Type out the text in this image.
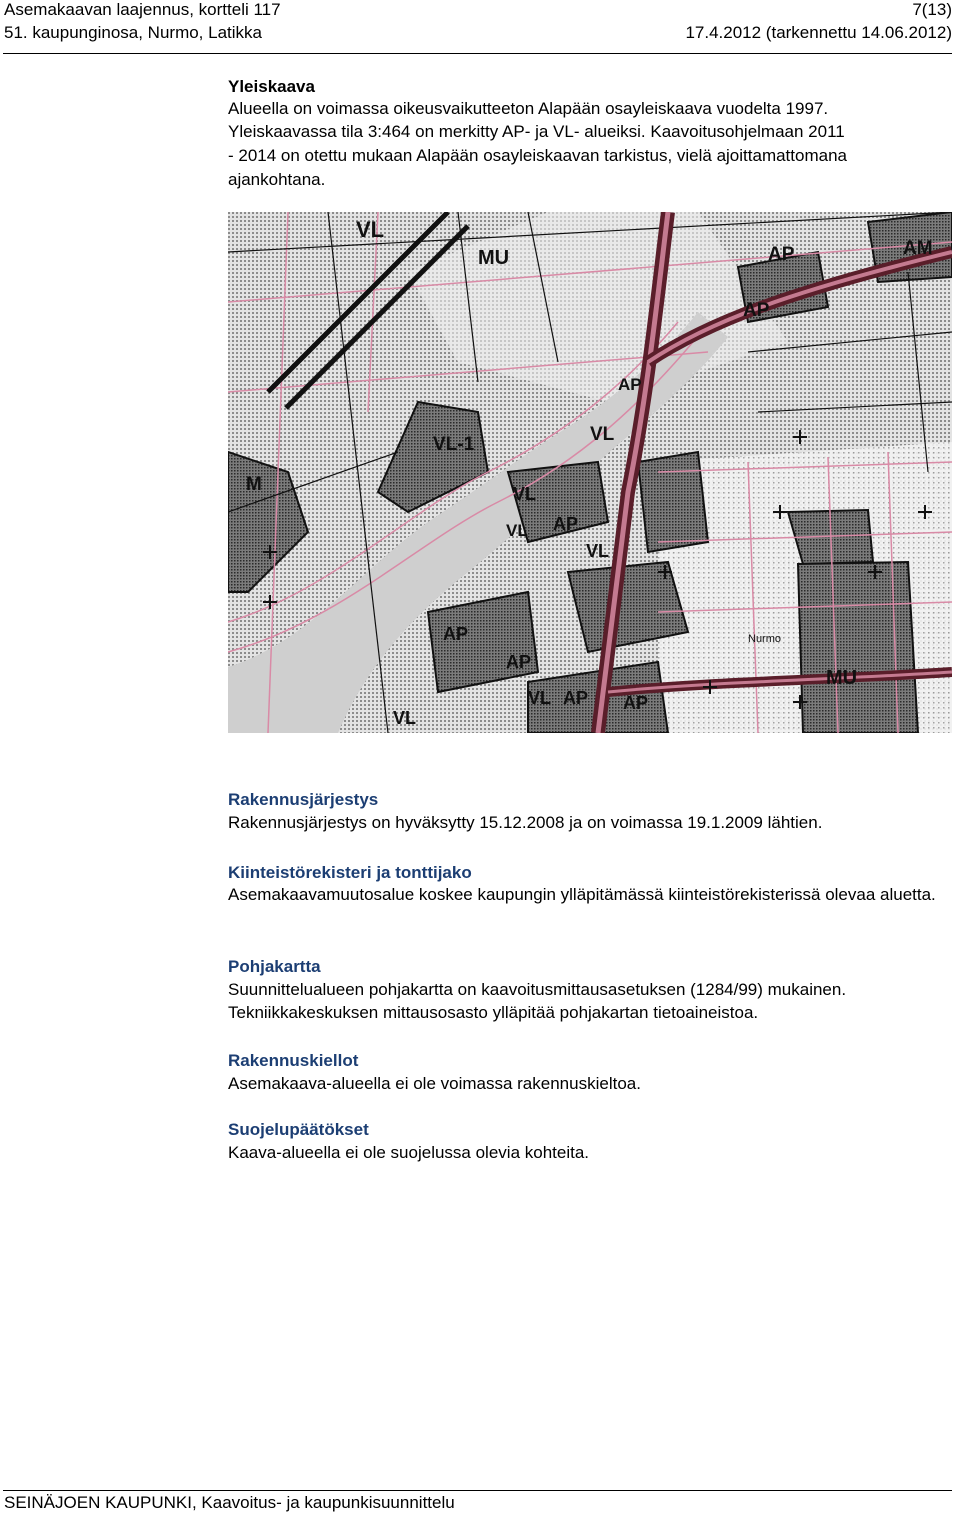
Asemakaavan laajennus, kortteli 117	7(13)
51. kaupunginosa, Nurmo, Latikka	17.4.2012 (tarkennettu 14.06.2012)
Yleiskaava
Alueella on voimassa oikeusvaikutteeton Alapään osayleiskaava vuodelta 1997.
Yleiskaavassa tila 3:464 on merkitty AP- ja VL- alueiksi. Kaavoitusohjelmaan 2011
- 2014 on otettu mukaan Alapään osayleiskaavan tarkistus, vielä ajoittamattomana
ajankohtana.
VL
MU	AP
AP
AM
AP
VL
VL-1
VL
VL AP
VL
M
AP
AP
AP
VL
VL
AP
MU
Nurmo
Rakennusjärjestys
Rakennusjärjestys on hyväksytty 15.12.2008 ja on voimassa 19.1.2009 lähtien.
Kiinteistörekisteri ja tonttijako
Asemakaavamuutosalue koskee kaupungin ylläpitämässä kiinteistörekisterissä olevaa aluetta.
Pohjakartta
Suunnittelualueen pohjakartta on kaavoitusmittausasetuksen (1284/99) mukainen.
Tekniikkakeskuksen mittausosasto ylläpitää pohjakartan tietoaineistoa.
Rakennuskiellot
Asemakaava-alueella ei ole voimassa rakennuskieltoa.
Suojelupäätökset
Kaava-alueella ei ole suojelussa olevia kohteita.
SEINÄJOEN KAUPUNKI, Kaavoitus- ja kaupunkisuunnittelu
